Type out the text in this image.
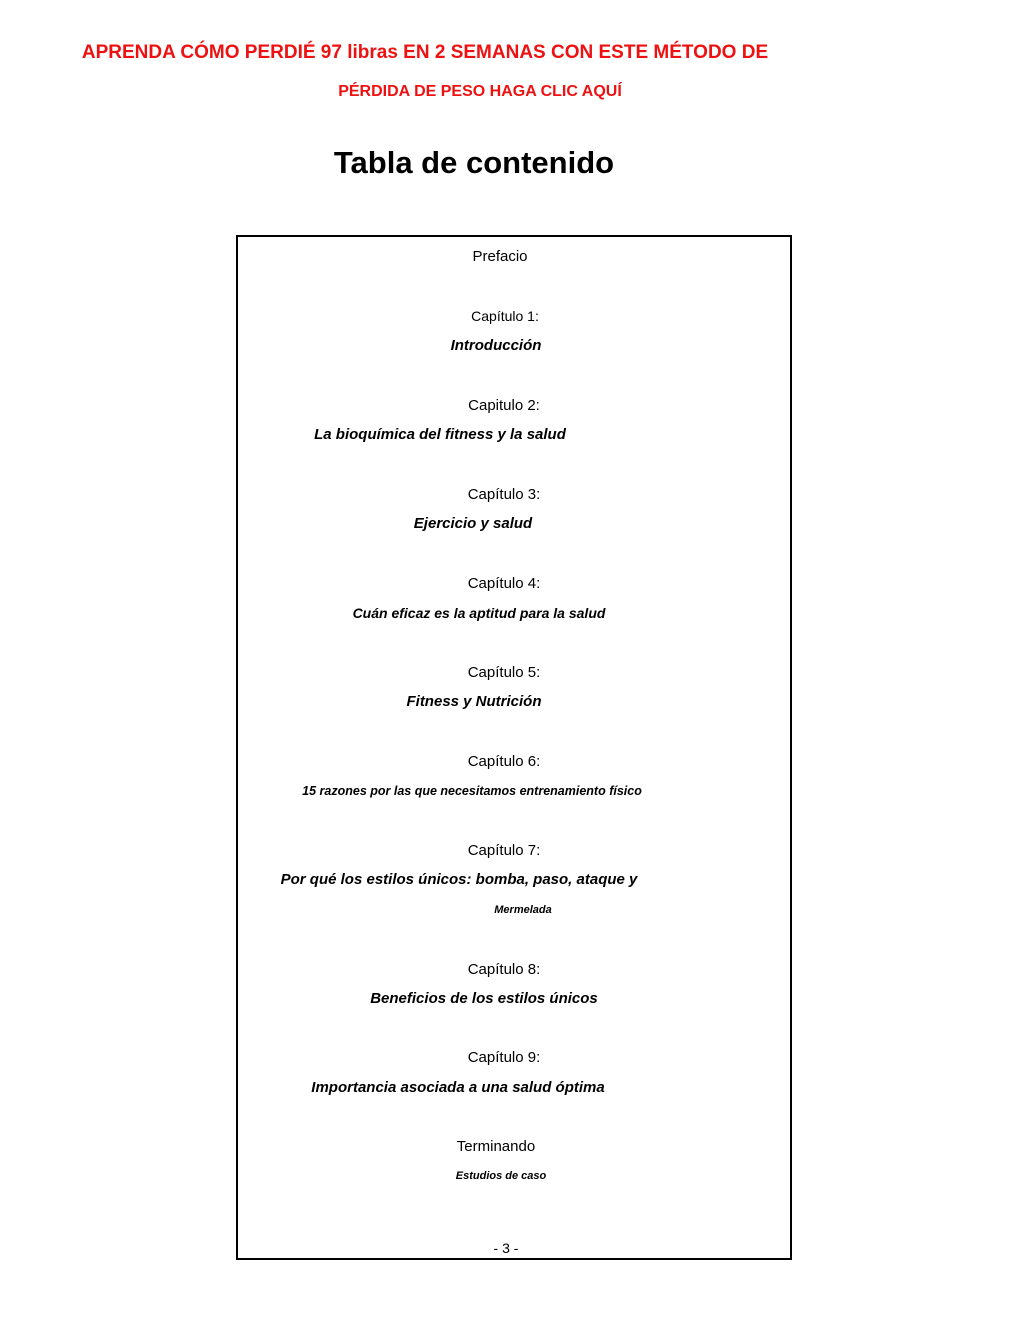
APRENDA CÓMO PERDIÉ 97 libras EN 2 SEMANAS CON ESTE MÉTODO DE
PÉRDIDA DE PESO HAGA CLIC AQUÍ
Tabla de contenido
Prefacio
Capítulo 1:
Introducción
Capitulo 2:
La bioquímica del fitness y la salud
Capítulo 3:
Ejercicio y salud
Capítulo 4:
Cuán eficaz es la aptitud para la salud
Capítulo 5:
Fitness y Nutrición
Capítulo 6:
15 razones por las que necesitamos entrenamiento físico
Capítulo 7:
Por qué los estilos únicos: bomba, paso, ataque y
Mermelada
Capítulo 8:
Beneficios de los estilos únicos
Capítulo 9:
Importancia asociada a una salud óptima
Terminando
Estudios de caso
- 3 -
